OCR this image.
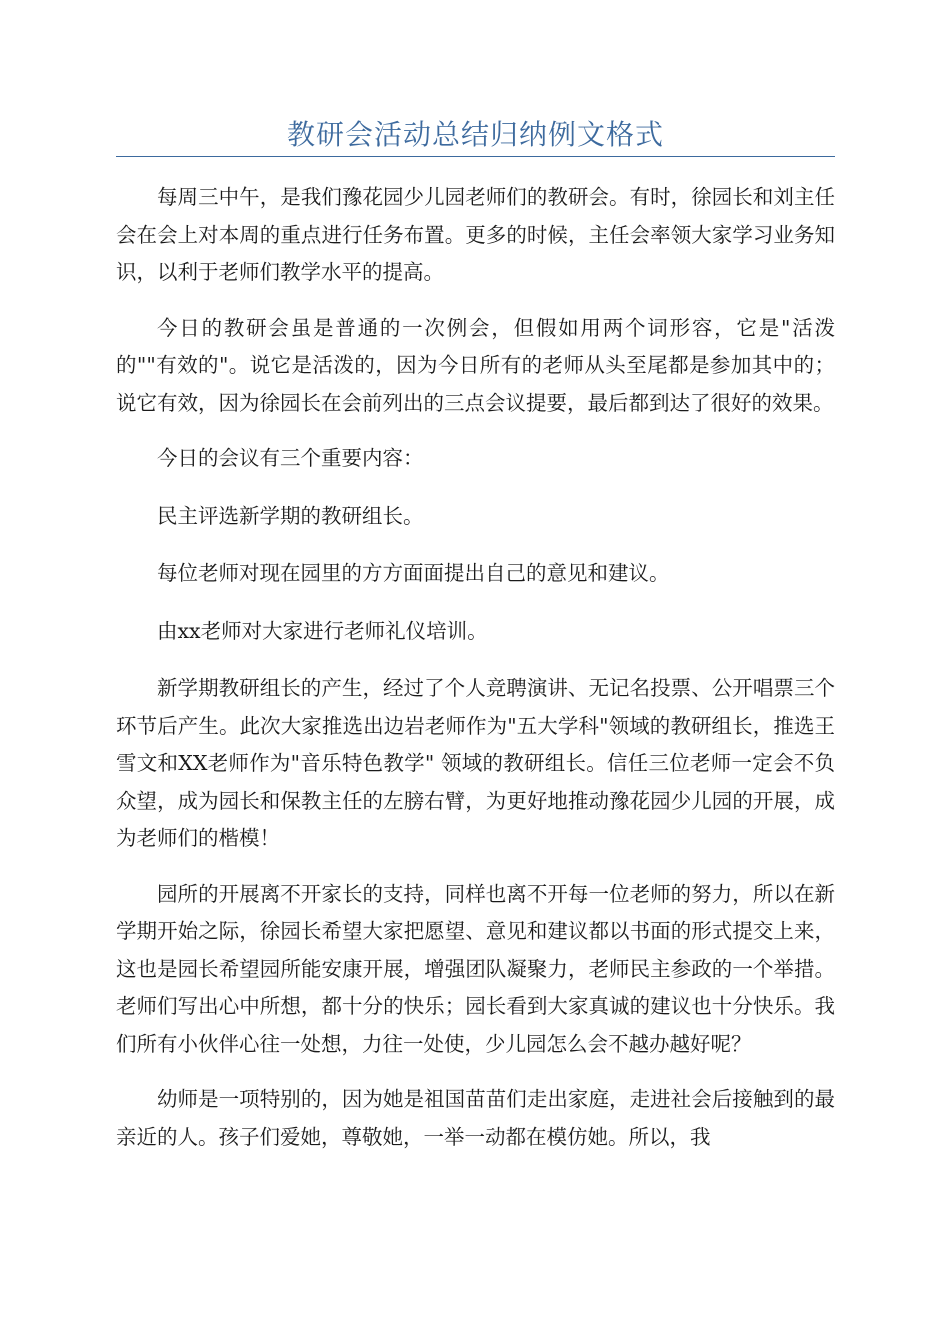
教研会活动总结归纳例文格式

每周三中午，是我们豫花园少儿园老师们的教研会。有时，徐园长和刘主任会在会上对本周的重点进行任务布置。更多的时候，主任会率领大家学习业务知识，以利于老师们教学水平的提高。

今日的教研会虽是普通的一次例会，但假如用两个词形容，它是"活泼的""有效的"。说它是活泼的，因为今日所有的老师从头至尾都是参加其中的；说它有效，因为徐园长在会前列出的三点会议提要，最后都到达了很好的效果。

今日的会议有三个重要内容：

民主评选新学期的教研组长。

每位老师对现在园里的方方面面提出自己的意见和建议。

由xx老师对大家进行老师礼仪培训。

新学期教研组长的产生，经过了个人竞聘演讲、无记名投票、公开唱票三个环节后产生。此次大家推选出边岩老师作为"五大学科"领域的教研组长，推选王雪文和XX老师作为"音乐特色教学" 领域的教研组长。信任三位老师一定会不负众望，成为园长和保教主任的左膀右臂，为更好地推动豫花园少儿园的开展，成为老师们的楷模！

园所的开展离不开家长的支持，同样也离不开每一位老师的努力，所以在新学期开始之际，徐园长希望大家把愿望、意见和建议都以书面的形式提交上来，这也是园长希望园所能安康开展，增强团队凝聚力，老师民主参政的一个举措。老师们写出心中所想，都十分的快乐；园长看到大家真诚的建议也十分快乐。我们所有小伙伴心往一处想，力往一处使，少儿园怎么会不越办越好呢？

幼师是一项特别的，因为她是祖国苗苗们走出家庭，走进社会后接触到的最亲近的人。孩子们爱她，尊敬她，一举一动都在模仿她。所以，我
